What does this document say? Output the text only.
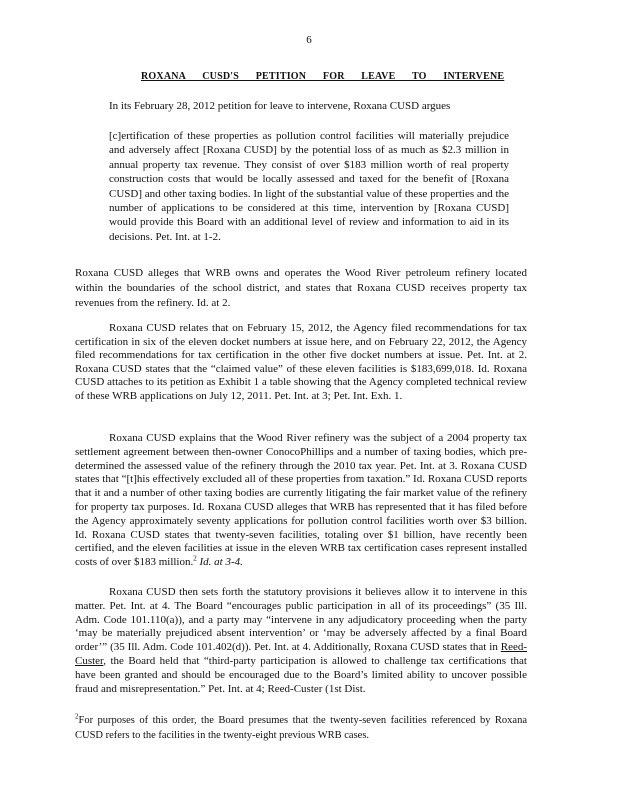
6
ROXANA CUSD'S PETITION FOR LEAVE TO INTERVENE

In its February 28, 2012 petition for leave to intervene, Roxana CUSD argues

[c]ertification of these properties as pollution control facilities will materially prejudice and adversely affect [Roxana CUSD] by the potential loss of as much as $2.3 million in annual property tax revenue. They consist of over $183 million worth of real property construction costs that would be locally assessed and taxed for the benefit of [Roxana CUSD] and other taxing bodies. In light of the substantial value of these properties and the number of applications to be considered at this time, intervention by [Roxana CUSD] would provide this Board with an additional level of review and information to aid in its decisions. Pet. Int. at 1-2.

Roxana CUSD alleges that WRB owns and operates the Wood River petroleum refinery located within the boundaries of the school district, and states that Roxana CUSD receives property tax revenues from the refinery. Id. at 2.

Roxana CUSD relates that on February 15, 2012, the Agency filed recommendations for tax certification in six of the eleven docket numbers at issue here, and on February 22, 2012, the Agency filed recommendations for tax certification in the other five docket numbers at issue. Pet. Int. at 2. Roxana CUSD states that the “claimed value” of these eleven facilities is $183,699,018. Id. Roxana CUSD attaches to its petition as Exhibit 1 a table showing that the Agency completed technical review of these WRB applications on July 12, 2011. Pet. Int. at 3; Pet. Int. Exh. 1.

Roxana CUSD explains that the Wood River refinery was the subject of a 2004 property tax settlement agreement between then-owner ConocoPhillips and a number of taxing bodies, which pre-determined the assessed value of the refinery through the 2010 tax year. Pet. Int. at 3. Roxana CUSD states that “[t]his effectively excluded all of these properties from taxation.” Id. Roxana CUSD reports that it and a number of other taxing bodies are currently litigating the fair market value of the refinery for property tax purposes. Id. Roxana CUSD alleges that WRB has represented that it has filed before the Agency approximately seventy applications for pollution control facilities worth over $3 billion. Id. Roxana CUSD states that twenty-seven facilities, totaling over $1 billion, have recently been certified, and the eleven facilities at issue in the eleven WRB tax certification cases represent installed costs of over $183 million.$^2$ Id. at 3-4.

Roxana CUSD then sets forth the statutory provisions it believes allow it to intervene in this matter. Pet. Int. at 4. The Board “encourages public participation in all of its proceedings” (35 Ill. Adm. Code 101.110(a)), and a party may “intervene in any adjudicatory proceeding when the party ‘may be materially prejudiced absent intervention’ or ‘may be adversely affected by a final Board order’” (35 Ill. Adm. Code 101.402(d)). Pet. Int. at 4. Additionally, Roxana CUSD states that in Reed-Custer, the Board held that “third-party participation is allowed to challenge tax certifications that have been granted and should be encouraged due to the Board’s limited ability to uncover possible fraud and misrepresentation.” Pet. Int. at 4; Reed-Custer (1st Dist.

$^2$For purposes of this order, the Board presumes that the twenty-seven facilities referenced by Roxana CUSD refers to the facilities in the twenty-eight previous WRB cases.
